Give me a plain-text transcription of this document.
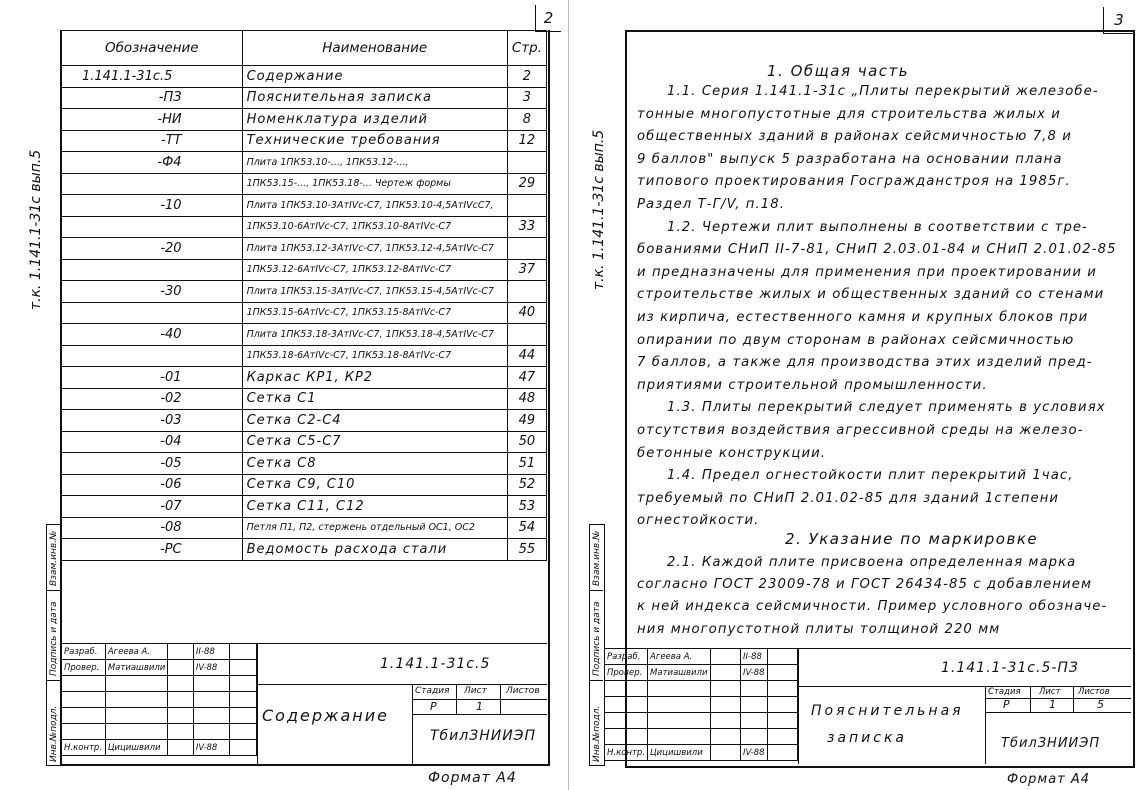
2
т.к. 1.141.1-31с вып.5
Обозначение	Наименование	Стр.
1.141.1-31с.5	Содержание	2
-ПЗ	Пояснительная записка	3
-НИ	Номенклатура изделий	8
-ТТ	Технические требования	12
-Ф4	Плита 1ПК53.10-..., 1ПК53.12-...,	
	1ПК53.15-..., 1ПК53.18-... Чертеж формы	29
-10	Плита 1ПК53.10-3АтIVс-С7, 1ПК53.10-4,5АтIVсС7,	
	1ПК53.10-6АтIVс-С7, 1ПК53.10-8АтIVс-С7	33
-20	Плита 1ПК53.12-3АтIVс-С7, 1ПК53.12-4,5АтIVс-С7	
	1ПК53.12-6АтIVс-С7, 1ПК53.12-8АтIVс-С7	37
-30	Плита 1ПК53.15-3АтIVс-С7, 1ПК53.15-4,5АтIVс-С7	
	1ПК53.15-6АтIVс-С7, 1ПК53.15-8АтIVс-С7	40
-40	Плита 1ПК53.18-3АтIVс-С7, 1ПК53.18-4,5АтIVс-С7	
	1ПК53.18-6АтIVс-С7, 1ПК53.18-8АтIVс-С7	44
-01	Каркас КР1, КР2	47
-02	Сетка С1	48
-03	Сетка С2-С4	49
-04	Сетка С5-С7	50
-05	Сетка С8	51
-06	Сетка С9, С10	52
-07	Сетка С11, С12	53
-08	Петля П1, П2, стержень отдельный ОС1, ОС2	54
-РС	Ведомость расхода стали	55
Взам.инв.№
Подпись и дата
Инв.№подл.
Разраб.	Агеева А.		II-88	
Провер.	Матиашвили		IV-88	

Н.контр.	Цицишвили		IV-88	
1.141.1-31с.5
Содержание
Стадия Лист Листов
Р	1
ТбилЗНИИЭП
Формат А4
3
т.к. 1.141.1-31с вып.5
1. Общая часть
1.1. Серия 1.141.1-31с „Плиты перекрытий железобе-
тонные многопустотные для строительства жилых и
общественных зданий в районах сейсмичностью 7,8 и
9 баллов" выпуск 5 разработана на основании плана
типового проектирования Госгражданстроя на 1985г.
Раздел Т-Г/V, п.18.
1.2. Чертежи плит выполнены в соответствии с тре-
бованиями СНиП II-7-81, СНиП 2.03.01-84 и СНиП 2.01.02-85
и предназначены для применения при проектировании и
строительстве жилых и общественных зданий со стенами
из кирпича, естественного камня и крупных блоков при
опирании по двум сторонам в районах сейсмичностью
7 баллов, а также для производства этих изделий пред-
приятиями строительной промышленности.
1.3. Плиты перекрытий следует применять в условиях
отсутствия воздействия агрессивной среды на железо-
бетонные конструкции.
1.4. Предел огнестойкости плит перекрытий 1час,
требуемый по СНиП 2.01.02-85 для зданий 1степени
огнестойкости.
2. Указание по маркировке
2.1. Каждой плите присвоена определенная марка
согласно ГОСТ 23009-78 и ГОСТ 26434-85 с добавлением
к ней индекса сейсмичности. Пример условного обозначе-
ния многопустотной плиты толщиной 220 мм
Взам.инв.№
Подпись и дата
Инв.№подл.
Разраб.	Агеева А.		II-88	
Провер.	Матиашвили		IV-88	

Н.контр.	Цицишвили		IV-88	
1.141.1-31с.5-ПЗ
Пояснительная
записка
Стадия Лист Листов
Р	1	5
ТбилЗНИИЭП
Формат А4
